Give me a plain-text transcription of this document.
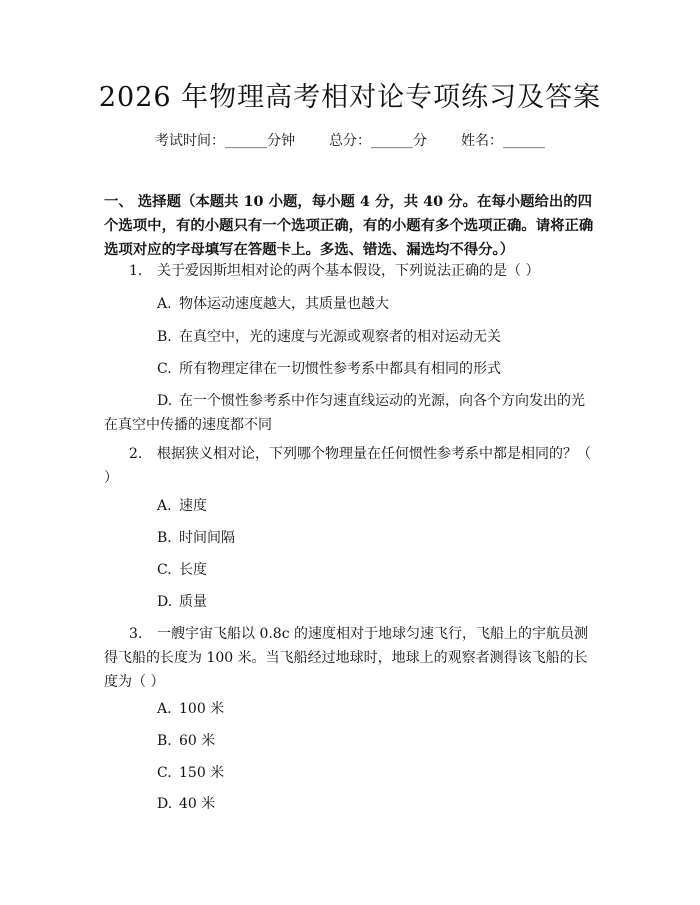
2026 年物理高考相对论专项练习及答案
考试时间：______分钟 总分：______分 姓名：______
一、 选择题（本题共 10 小题，每小题 4 分，共 40 分。在每小题给出的四个选项中，有的小题只有一个选项正确，有的小题有多个选项正确。请将正确选项对应的字母填写在答题卡上。多选、错选、漏选均不得分。）
1. 关于爱因斯坦相对论的两个基本假设，下列说法正确的是（ ）
A. 物体运动速度越大，其质量也越大
B. 在真空中，光的速度与光源或观察者的相对运动无关
C. 所有物理定律在一切惯性参考系中都具有相同的形式
D. 在一个惯性参考系中作匀速直线运动的光源，向各个方向发出的光在真空中传播的速度都不同
2. 根据狭义相对论，下列哪个物理量在任何惯性参考系中都是相同的？（ ）
A. 速度
B. 时间间隔
C. 长度
D. 质量
3. 一艘宇宙飞船以 0.8c 的速度相对于地球匀速飞行，飞船上的宇航员测得飞船的长度为 100 米。当飞船经过地球时，地球上的观察者测得该飞船的长度为（ ）
A. 100 米
B. 60 米
C. 150 米
D. 40 米
